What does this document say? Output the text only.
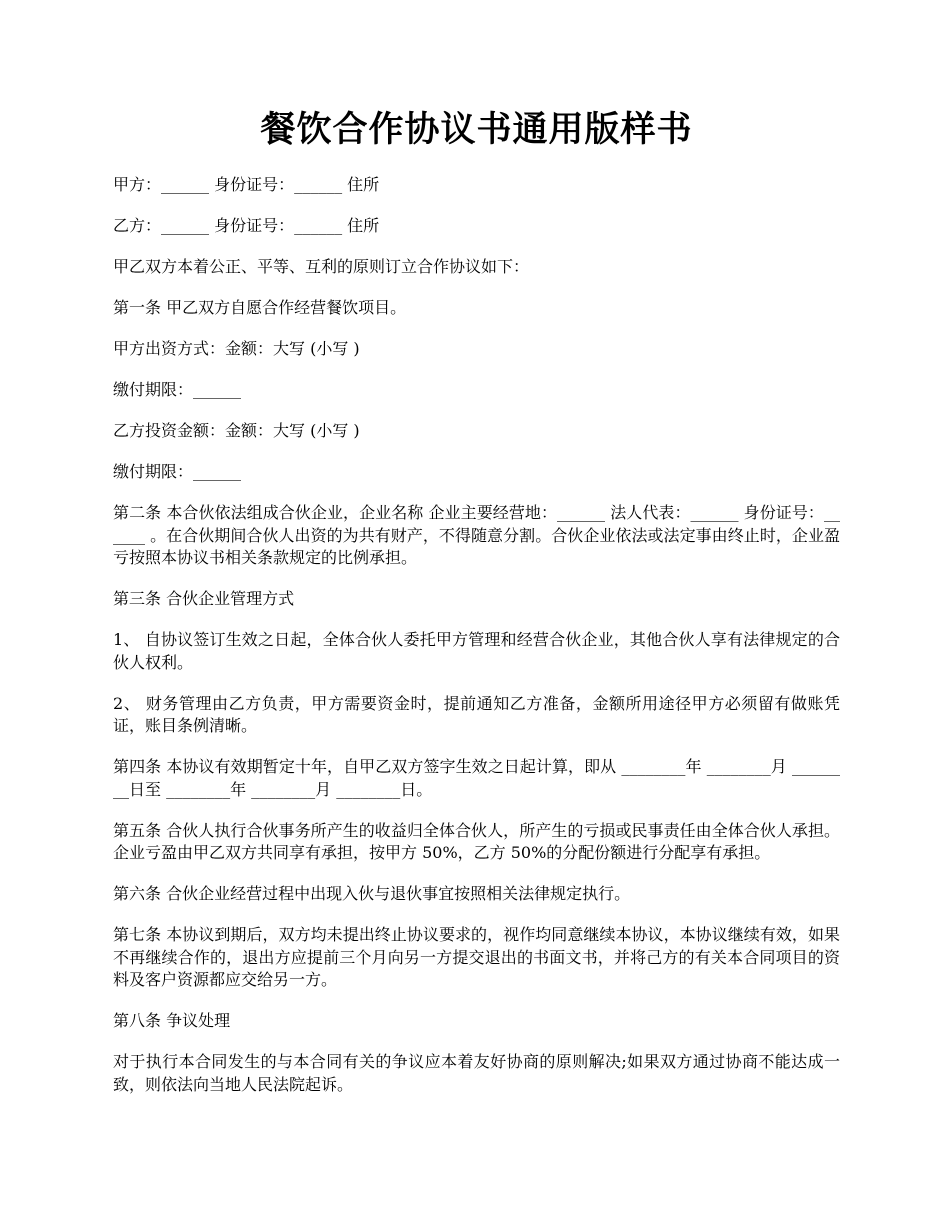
餐饮合作协议书通用版样书

甲方：______ 身份证号：______ 住所

乙方：______ 身份证号：______ 住所

甲乙双方本着公正、平等、互利的原则订立合作协议如下：

第一条 甲乙双方自愿合作经营餐饮项目。

甲方出资方式：金额：大写 (小写 )

缴付期限：______

乙方投资金额：金额：大写 (小写 )

缴付期限：______

第二条 本合伙依法组成合伙企业，企业名称 企业主要经营地：______ 法人代表：______ 身份证号：______ 。在合伙期间合伙人出资的为共有财产，不得随意分割。合伙企业依法或法定事由终止时，企业盈亏按照本协议书相关条款规定的比例承担。

第三条 合伙企业管理方式

1、 自协议签订生效之日起，全体合伙人委托甲方管理和经营合伙企业，其他合伙人享有法律规定的合伙人权利。

2、 财务管理由乙方负责，甲方需要资金时，提前通知乙方准备，金额所用途径甲方必须留有做账凭证，账目条例清晰。

第四条 本协议有效期暂定十年，自甲乙双方签字生效之日起计算，即从 ________年 ________月 ________日至 ________年 ________月 ________日。

第五条 合伙人执行合伙事务所产生的收益归全体合伙人，所产生的亏损或民事责任由全体合伙人承担。企业亏盈由甲乙双方共同享有承担，按甲方 50%，乙方 50%的分配份额进行分配享有承担。

第六条 合伙企业经营过程中出现入伙与退伙事宜按照相关法律规定执行。

第七条 本协议到期后，双方均未提出终止协议要求的，视作均同意继续本协议，本协议继续有效，如果不再继续合作的，退出方应提前三个月向另一方提交退出的书面文书，并将己方的有关本合同项目的资料及客户资源都应交给另一方。

第八条 争议处理

对于执行本合同发生的与本合同有关的争议应本着友好协商的原则解决;如果双方通过协商不能达成一致，则依法向当地人民法院起诉。
